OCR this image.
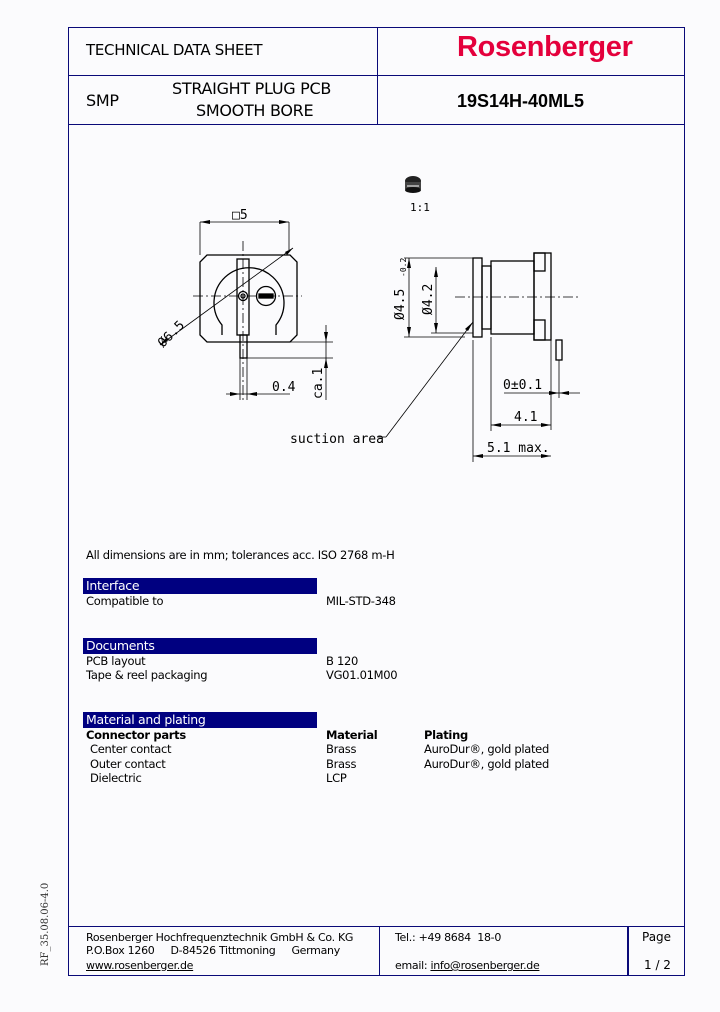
TECHNICAL DATA SHEET	Rosenberger
SMP
STRAIGHT PLUG PCB
SMOOTH BORE	19S14H-40ML5
□5
0.4 ca.1
Ø6.5
1:1
Ø4.5
-0.2
Ø4.2
0±0.1
4.1
5.1 max.
suction area
All dimensions are in mm; tolerances acc. ISO 2768 m-H
Interface
Compatible to	MIL-STD-348
Documents
PCB layout	B 120
Tape & reel packaging	VG01.01M00
Material and plating
Connector parts	Material	Plating
Center contact	Brass	AuroDur®, gold plated
Outer contact	Brass	AuroDur®, gold plated
Dielectric	LCP
Rosenberger Hochfrequenztechnik GmbH & Co. KG
P.O.Box 1260     D-84526 Tittmoning     Germany
www.rosenberger.de
Tel.: +49 8684  18-0
email: info@rosenberger.de
Page
1 / 2
RF_35.08.06-4.0
